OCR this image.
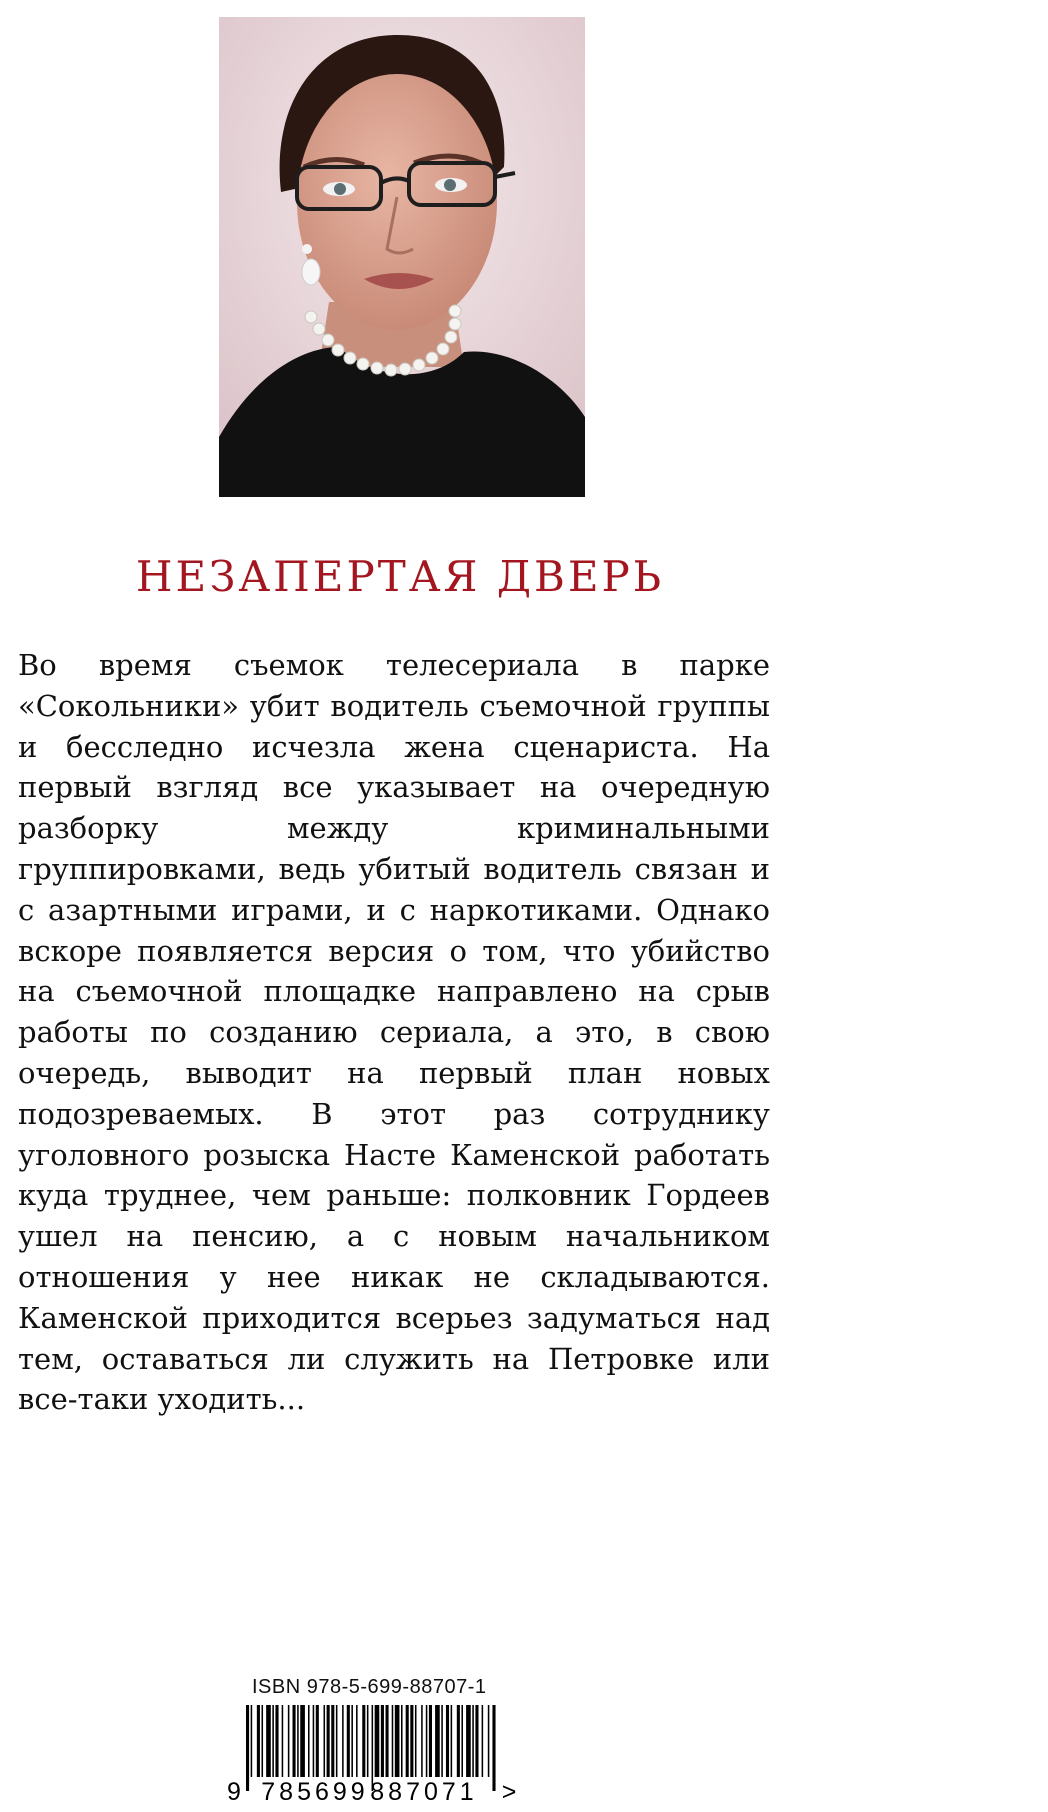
НЕЗАПЕРТАЯ ДВЕРЬ

Во время съемок телесериала в парке «Сокольники» убит водитель съемочной группы и бесследно исчезла жена сценариста. На первый взгляд все указывает на очередную разборку между криминальными группировками, ведь убитый водитель связан и с азартными играми, и с наркотиками. Однако вскоре появляется версия о том, что убийство на съемочной площадке направлено на срыв работы по созданию сериала, а это, в свою очередь, выводит на первый план новых подозреваемых. В этот раз сотруднику уголовного розыска Насте Каменской работать куда труднее, чем раньше: полковник Гордеев ушел на пенсию, а с новым начальником отношения у нее никак не складываются. Каменской приходится всерьез задуматься над тем, оставаться ли служить на Петровке или все-таки уходить...

ISBN 978-5-699-88707-1
9 785699 887071 >
